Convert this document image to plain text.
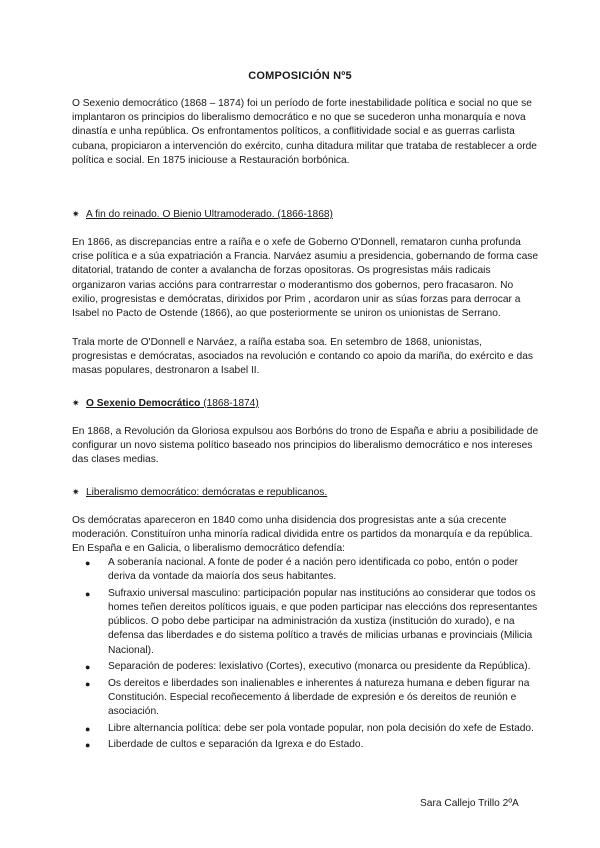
COMPOSICIÓN Nº5

O Sexenio democrático (1868 – 1874) foi un período de forte inestabilidade política e social no que se implantaron os principios do liberalismo democrático e no que se sucederon unha monarquía e nova dinastía e unha república. Os enfrontamentos políticos, a conflitividade social e as guerras carlista cubana, propiciaron a intervención do exército, cunha ditadura militar que trataba de restablecer a orde política e social. En 1875 iniciouse a Restauración borbónica.

✷ A fin do reinado. O Bienio Ultramoderado. (1866-1868)

En 1866, as discrepancias entre a raíña e o xefe de Goberno O'Donnell, remataron cunha profunda crise política e a súa expatriación a Francia. Narváez asumiu a presidencia, gobernando de forma case ditatorial, tratando de conter a avalancha de forzas opositoras. Os progresistas máis radicais organizaron varias accións para contrarrestar o moderantismo dos gobernos, pero fracasaron. No exilio, progresistas e demócratas, dirixidos por Prim , acordaron unir as súas forzas para derrocar a Isabel no Pacto de Ostende (1866), ao que posteriormente se uniron os unionistas de Serrano.

Trala morte de O'Donnell e Narváez, a raíña estaba soa. En setembro de 1868, unionistas, progresistas e demócratas, asociados na revolución e contando co apoio da mariña, do exército e das masas populares, destronaron a Isabel II.

✷ O Sexenio Democrático (1868-1874)

En 1868, a Revolución da Gloriosa expulsou aos Borbóns do trono de España e abriu a posibilidade de configurar un novo sistema político baseado nos principios do liberalismo democrático e nos intereses das clases medias.

✷ Liberalismo democrático: demócratas e republicanos.

Os demócratas apareceron en 1840 como unha disidencia dos progresistas ante a súa crecente moderación. Constituíron unha minoría radical dividida entre os partidos da monarquía e da república. En España e en Galicia, o liberalismo democrático defendía:

● A soberanía nacional. A fonte de poder é a nación pero identificada co pobo, entón o poder deriva da vontade da maioría dos seus habitantes.
● Sufraxio universal masculino: participación popular nas institucións ao considerar que todos os homes teñen dereitos políticos iguais, e que poden participar nas eleccións dos representantes públicos. O pobo debe participar na administración da xustiza (institución do xurado), e na defensa das liberdades e do sistema político a través de milicias urbanas e provinciais (Milicia Nacional).
● Separación de poderes: lexislativo (Cortes), executivo (monarca ou presidente da República).
● Os dereitos e liberdades son inalienables e inherentes á natureza humana e deben figurar na Constitución. Especial recoñecemento á liberdade de expresión e ós dereitos de reunión e asociación.
● Libre alternancia política: debe ser pola vontade popular, non pola decisión do xefe de Estado.
● Liberdade de cultos e separación da Igrexa e do Estado.
Sara Callejo Trillo 2ºA
